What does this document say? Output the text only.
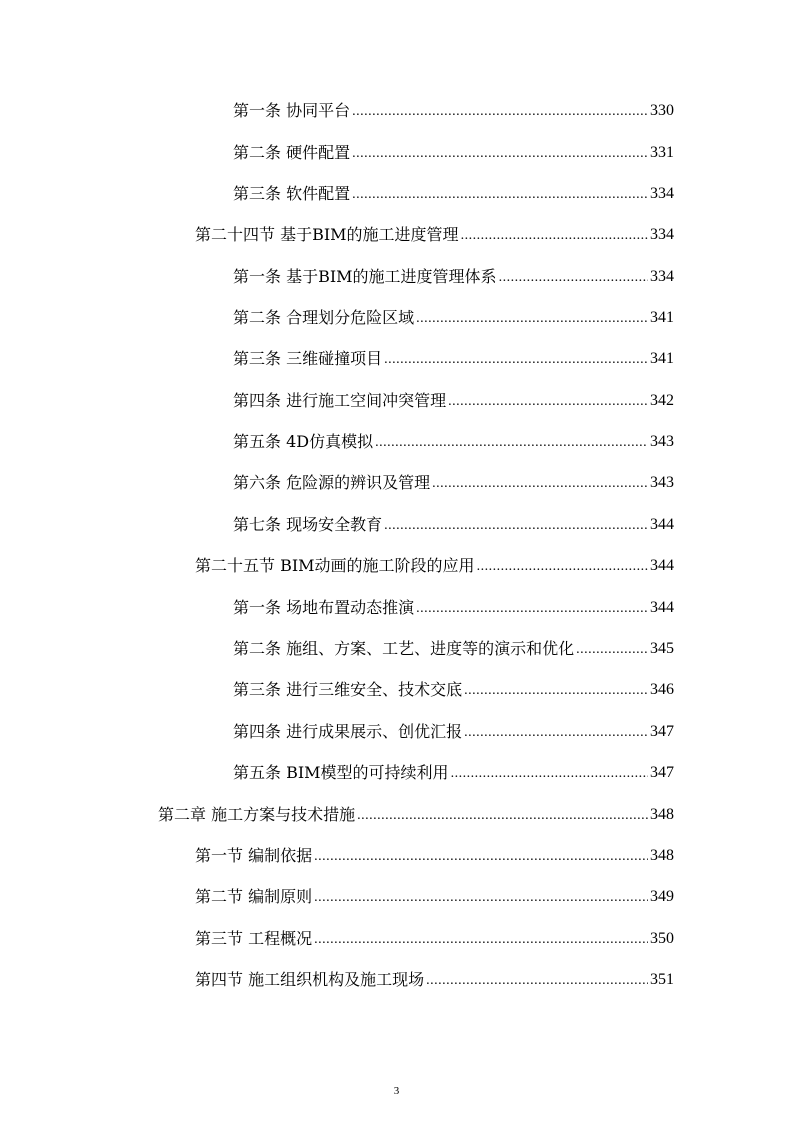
第一条 协同平台 .....	330
第二条 硬件配置 .....	331
第三条 软件配置 .....	334
第二十四节 基于BIM的施工进度管理 .....	334
第一条 基于BIM的施工进度管理体系 .....	334
第二条 合理划分危险区域 .....	341
第三条 三维碰撞项目 .....	341
第四条 进行施工空间冲突管理 .....	342
第五条 4D仿真模拟 .....	343
第六条 危险源的辨识及管理 .....	343
第七条 现场安全教育 .....	344
第二十五节 BIM动画的施工阶段的应用 .....	344
第一条 场地布置动态推演 .....	344
第二条 施组、方案、工艺、进度等的演示和优化 .....	345
第三条 进行三维安全、技术交底 .....	346
第四条 进行成果展示、创优汇报 .....	347
第五条 BIM模型的可持续利用 .....	347
第二章 施工方案与技术措施 .....	348
第一节 编制依据 .....	348
第二节 编制原则 .....	349
第三节 工程概况 .....	350
第四节 施工组织机构及施工现场 .....	351
3
